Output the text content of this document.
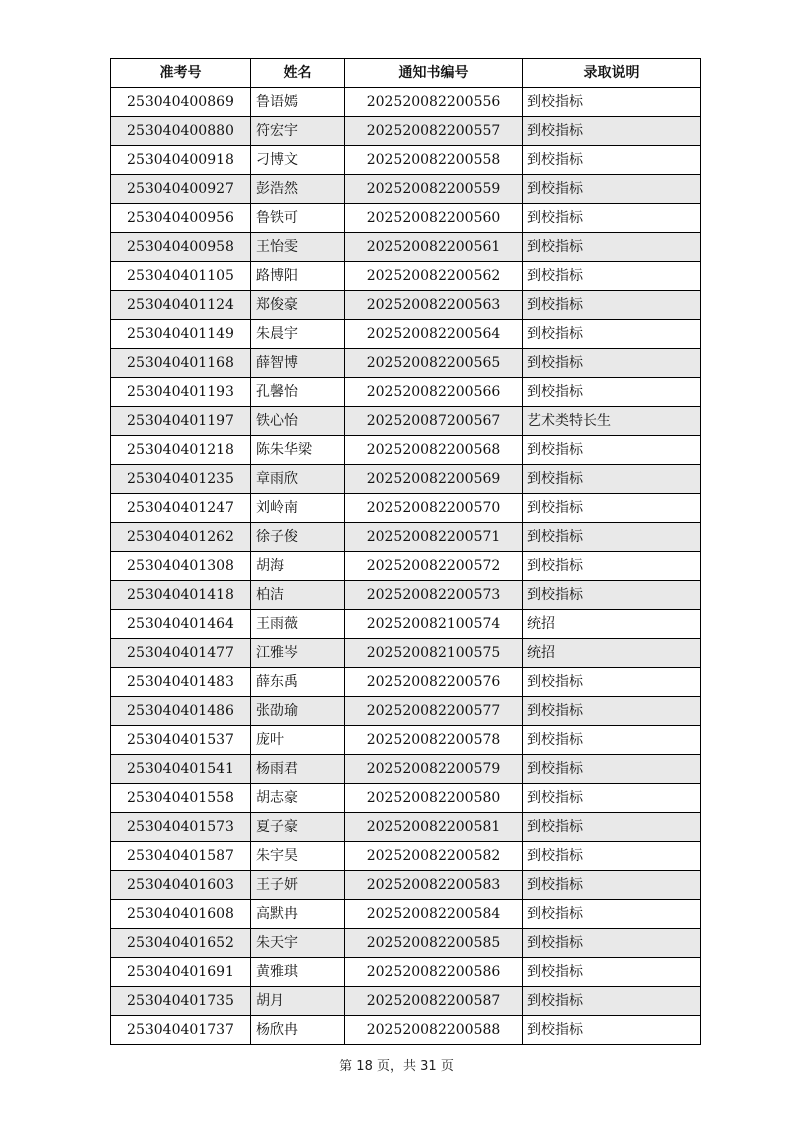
准考号	姓名	通知书编号	录取说明
253040400869	鲁语嫣	202520082200556	到校指标
253040400880	符宏宇	202520082200557	到校指标
253040400918	刁博文	202520082200558	到校指标
253040400927	彭浩然	202520082200559	到校指标
253040400956	鲁铁可	202520082200560	到校指标
253040400958	王怡雯	202520082200561	到校指标
253040401105	路博阳	202520082200562	到校指标
253040401124	郑俊豪	202520082200563	到校指标
253040401149	朱晨宇	202520082200564	到校指标
253040401168	薛智博	202520082200565	到校指标
253040401193	孔馨怡	202520082200566	到校指标
253040401197	铁心怡	202520087200567	艺术类特长生
253040401218	陈朱华梁	202520082200568	到校指标
253040401235	章雨欣	202520082200569	到校指标
253040401247	刘岭南	202520082200570	到校指标
253040401262	徐子俊	202520082200571	到校指标
253040401308	胡海	202520082200572	到校指标
253040401418	柏洁	202520082200573	到校指标
253040401464	王雨薇	202520082100574	统招
253040401477	江雅岑	202520082100575	统招
253040401483	薛东禹	202520082200576	到校指标
253040401486	张劭瑜	202520082200577	到校指标
253040401537	庞叶	202520082200578	到校指标
253040401541	杨雨君	202520082200579	到校指标
253040401558	胡志豪	202520082200580	到校指标
253040401573	夏子豪	202520082200581	到校指标
253040401587	朱宇昊	202520082200582	到校指标
253040401603	王子妍	202520082200583	到校指标
253040401608	高默冉	202520082200584	到校指标
253040401652	朱天宇	202520082200585	到校指标
253040401691	黄雅琪	202520082200586	到校指标
253040401735	胡月	202520082200587	到校指标
253040401737	杨欣冉	202520082200588	到校指标
第 18 页，共 31 页
